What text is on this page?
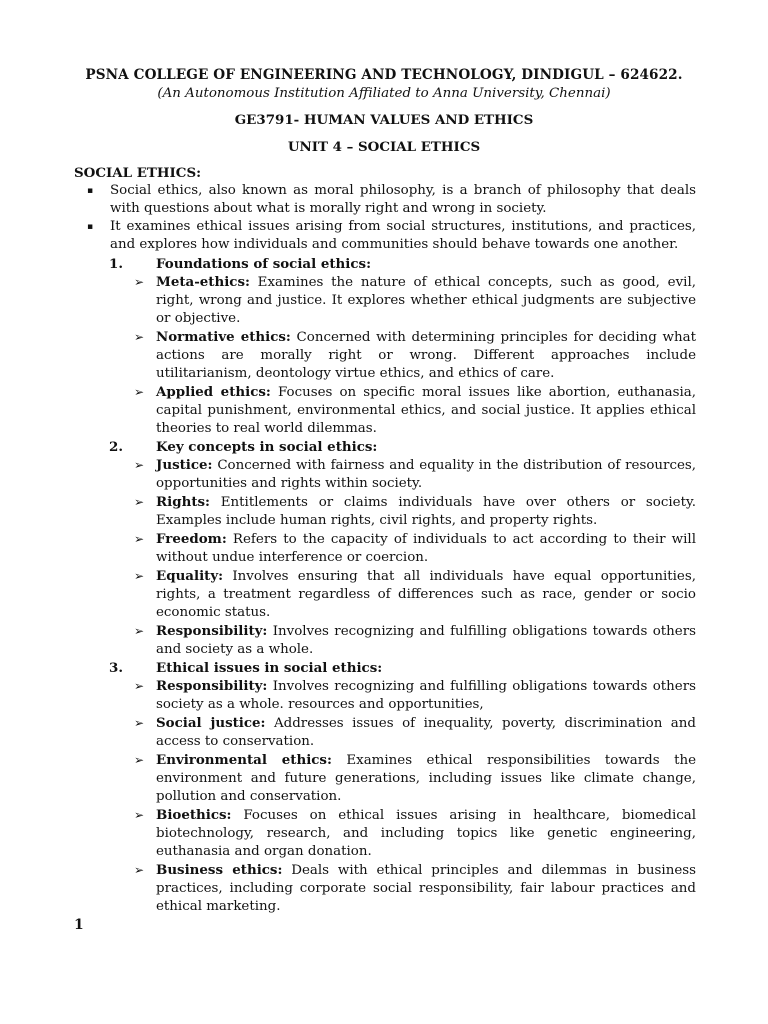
PSNA COLLEGE OF ENGINEERING AND TECHNOLOGY, DINDIGUL – 624622.
(An Autonomous Institution Affiliated to Anna University, Chennai)
GE3791- HUMAN VALUES AND ETHICS
UNIT 4 – SOCIAL ETHICS
SOCIAL ETHICS:
▪ Social ethics, also known as moral philosophy, is a branch of philosophy that deals with questions about what is morally right and wrong in society.
▪ It examines ethical issues arising from social structures, institutions, and practices, and explores how individuals and communities should behave towards one another.
1. Foundations of social ethics:
➢ Meta-ethics: Examines the nature of ethical concepts, such as good, evil, right, wrong and justice. It explores whether ethical judgments are subjective or objective.
➢ Normative ethics: Concerned with determining principles for deciding what actions are morally right or wrong. Different approaches include utilitarianism, deontology virtue ethics, and ethics of care.
➢ Applied ethics: Focuses on specific moral issues like abortion, euthanasia, capital punishment, environmental ethics, and social justice. It applies ethical theories to real world dilemmas.
2. Key concepts in social ethics:
➢ Justice: Concerned with fairness and equality in the distribution of resources, opportunities and rights within society.
➢ Rights: Entitlements or claims individuals have over others or society. Examples include human rights, civil rights, and property rights.
➢ Freedom: Refers to the capacity of individuals to act according to their will without undue interference or coercion.
➢ Equality: Involves ensuring that all individuals have equal opportunities, rights, a treatment regardless of differences such as race, gender or socio economic status.
➢ Responsibility: Involves recognizing and fulfilling obligations towards others and society as a whole.
3. Ethical issues in social ethics:
➢ Responsibility: Involves recognizing and fulfilling obligations towards others society as a whole. resources and opportunities,
➢ Social justice: Addresses issues of inequality, poverty, discrimination and access to conservation.
➢ Environmental ethics: Examines ethical responsibilities towards the environment and future generations, including issues like climate change, pollution and conservation.
➢ Bioethics: Focuses on ethical issues arising in healthcare, biomedical biotechnology, research, and including topics like genetic engineering, euthanasia and organ donation.
➢ Business ethics: Deals with ethical principles and dilemmas in business practices, including corporate social responsibility, fair labour practices and ethical marketing.
1
